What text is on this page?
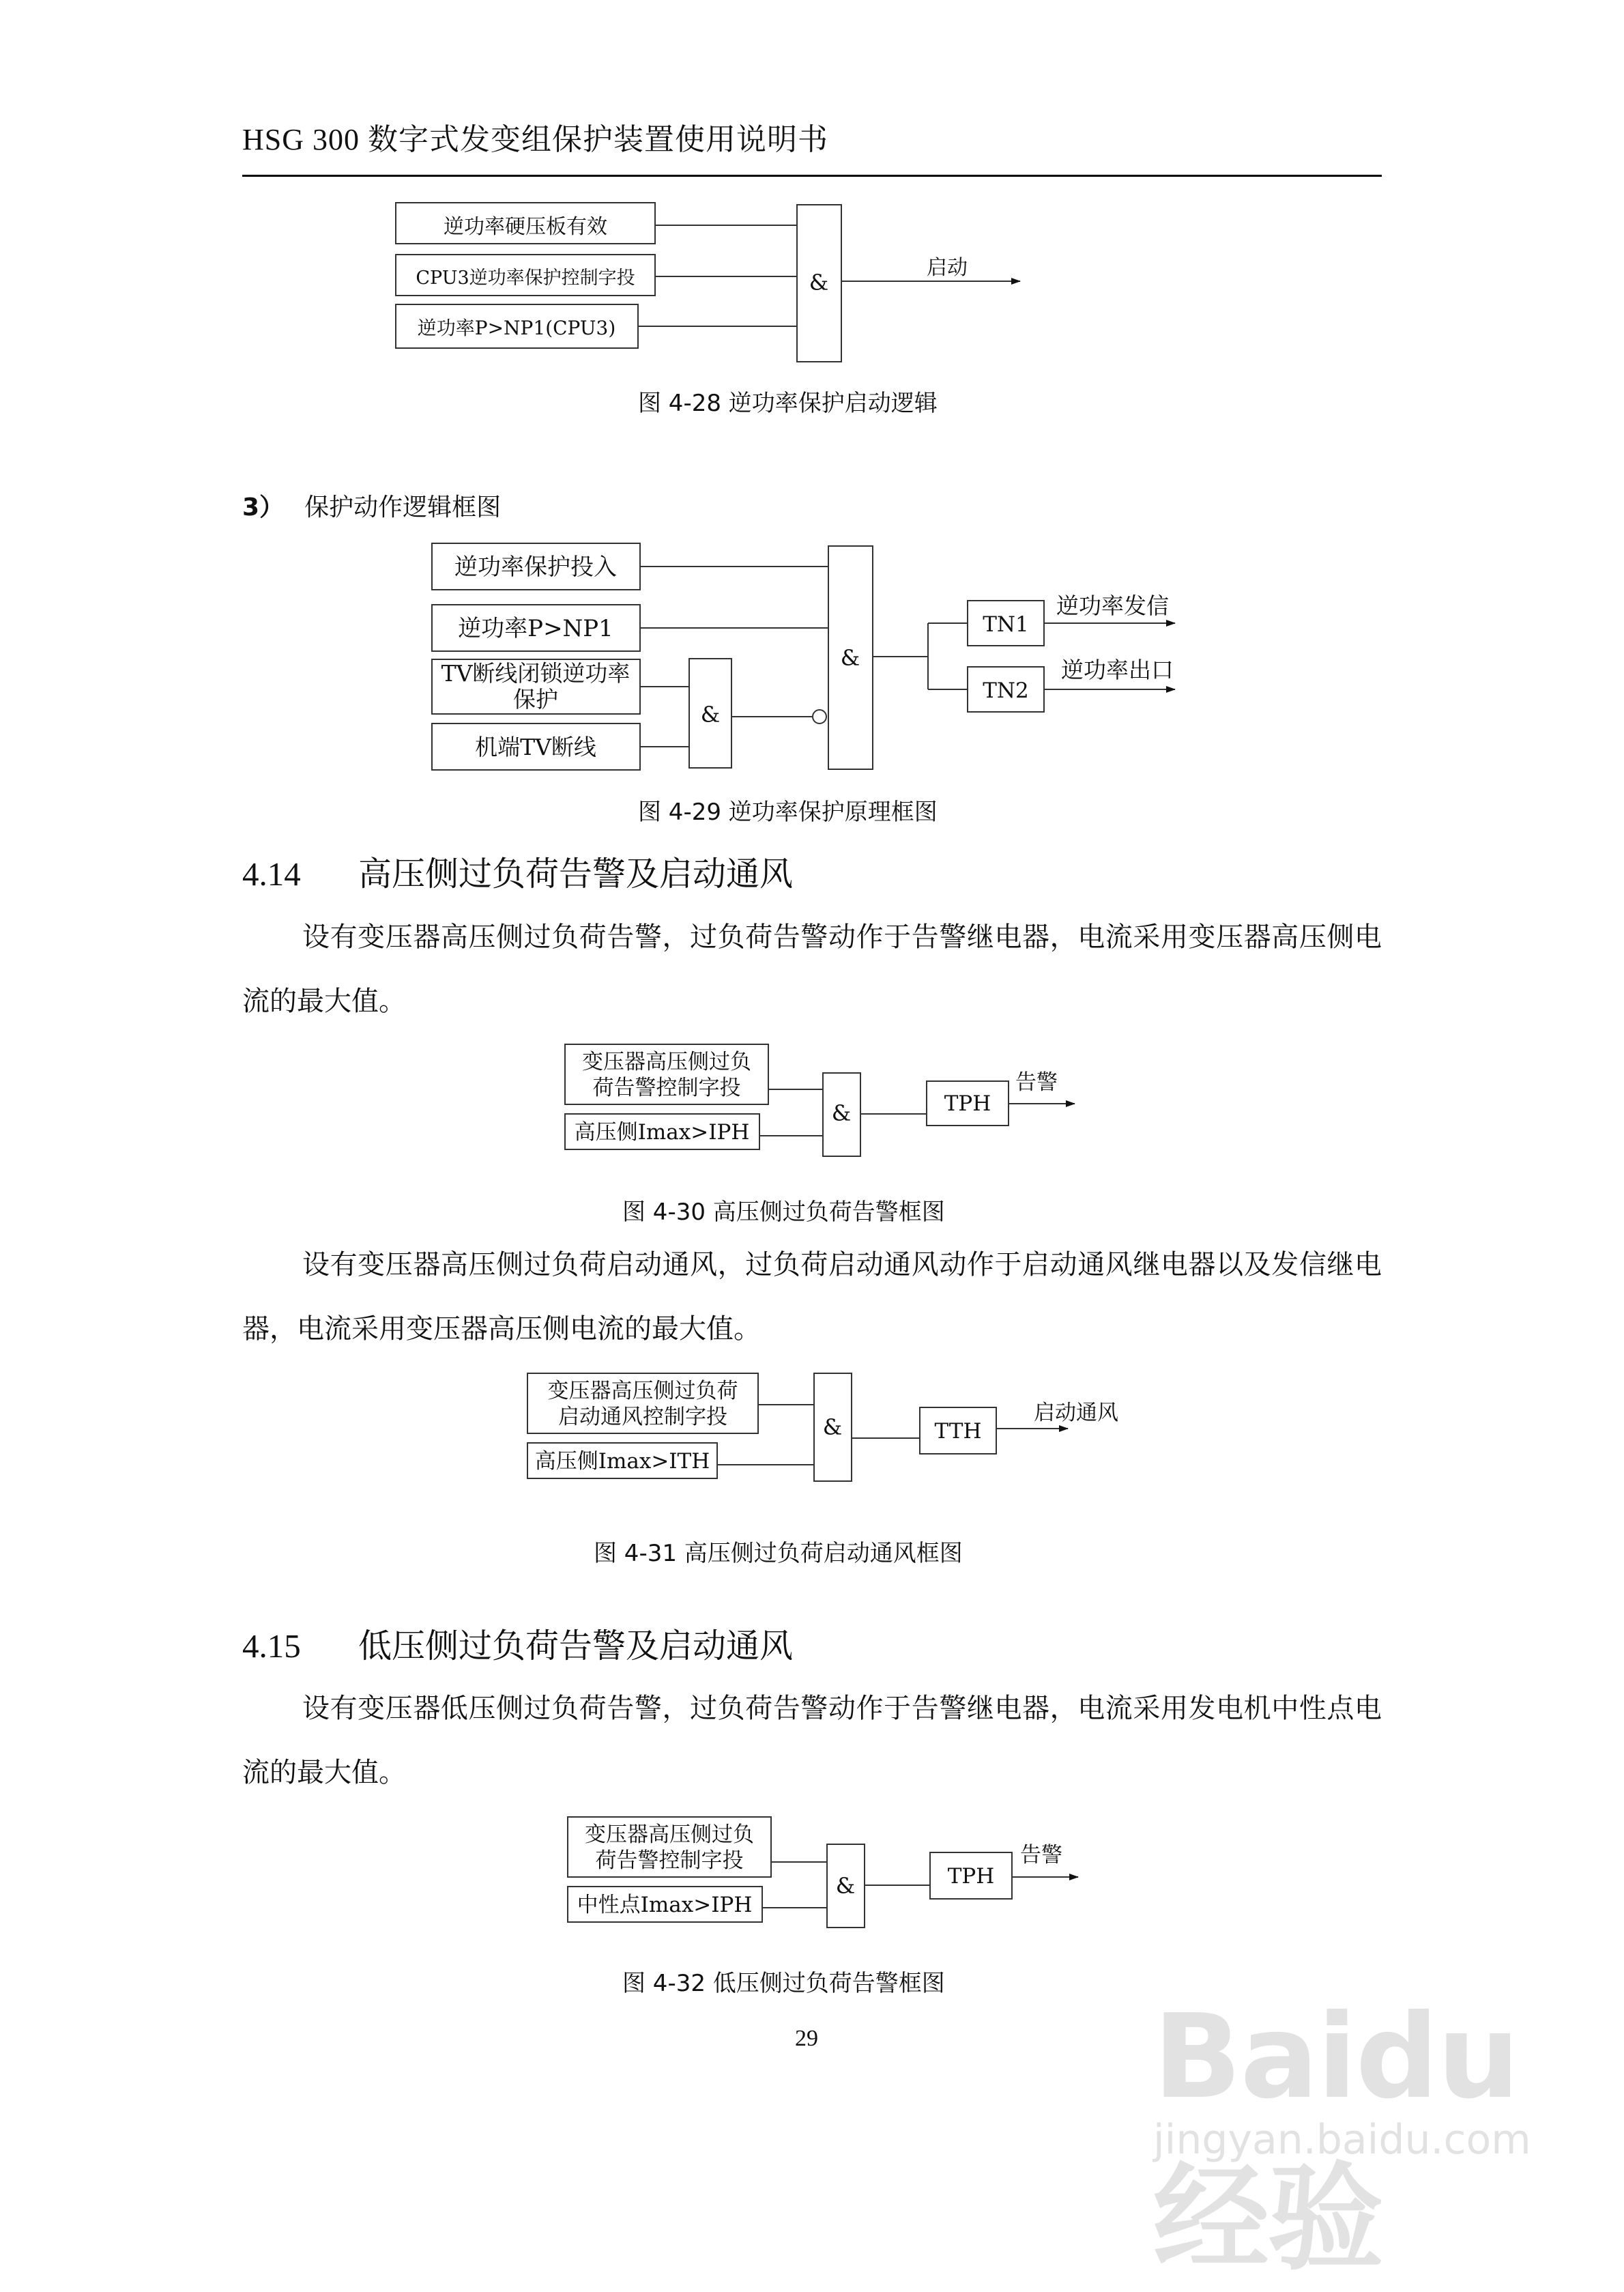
HSG 300 数字式发变组保护装置使用说明书
逆功率硬压板有效
CPU3逆功率保护控制字投
逆功率P>NP1(CPU3)
&
启动
逆功率保护投入
逆功率P>NP1
TV断线闭锁逆功率
保护
机端TV断线
&
&
TN1
TN2
逆功率发信
逆功率出口
变压器高压侧过负
荷告警控制字投
高压侧Imax>IPH
&	TPH
告警
变压器高压侧过负荷
启动通风控制字投
高压侧Imax>ITH
&	TTH
启动通风
变压器高压侧过负
荷告警控制字投
中性点Imax>IPH
&	TPH
告警
图 4-28 逆功率保护启动逻辑
3） 保护动作逻辑框图
图 4-29 逆功率保护原理框图
4.14 高压侧过负荷告警及启动通风
设有变压器高压侧过负荷告警，过负荷告警动作于告警继电器，电流采用变压器高压侧电流的最大值。
图 4-30 高压侧过负荷告警框图
设有变压器高压侧过负荷启动通风，过负荷启动通风动作于启动通风继电器以及发信继电器，电流采用变压器高压侧电流的最大值。
图 4-31 高压侧过负荷启动通风框图
4.15 低压侧过负荷告警及启动通风
设有变压器低压侧过负荷告警，过负荷告警动作于告警继电器，电流采用发电机中性点电流的最大值。
图 4-32 低压侧过负荷告警框图
29	Baidu经验
jingyan.baidu.com
